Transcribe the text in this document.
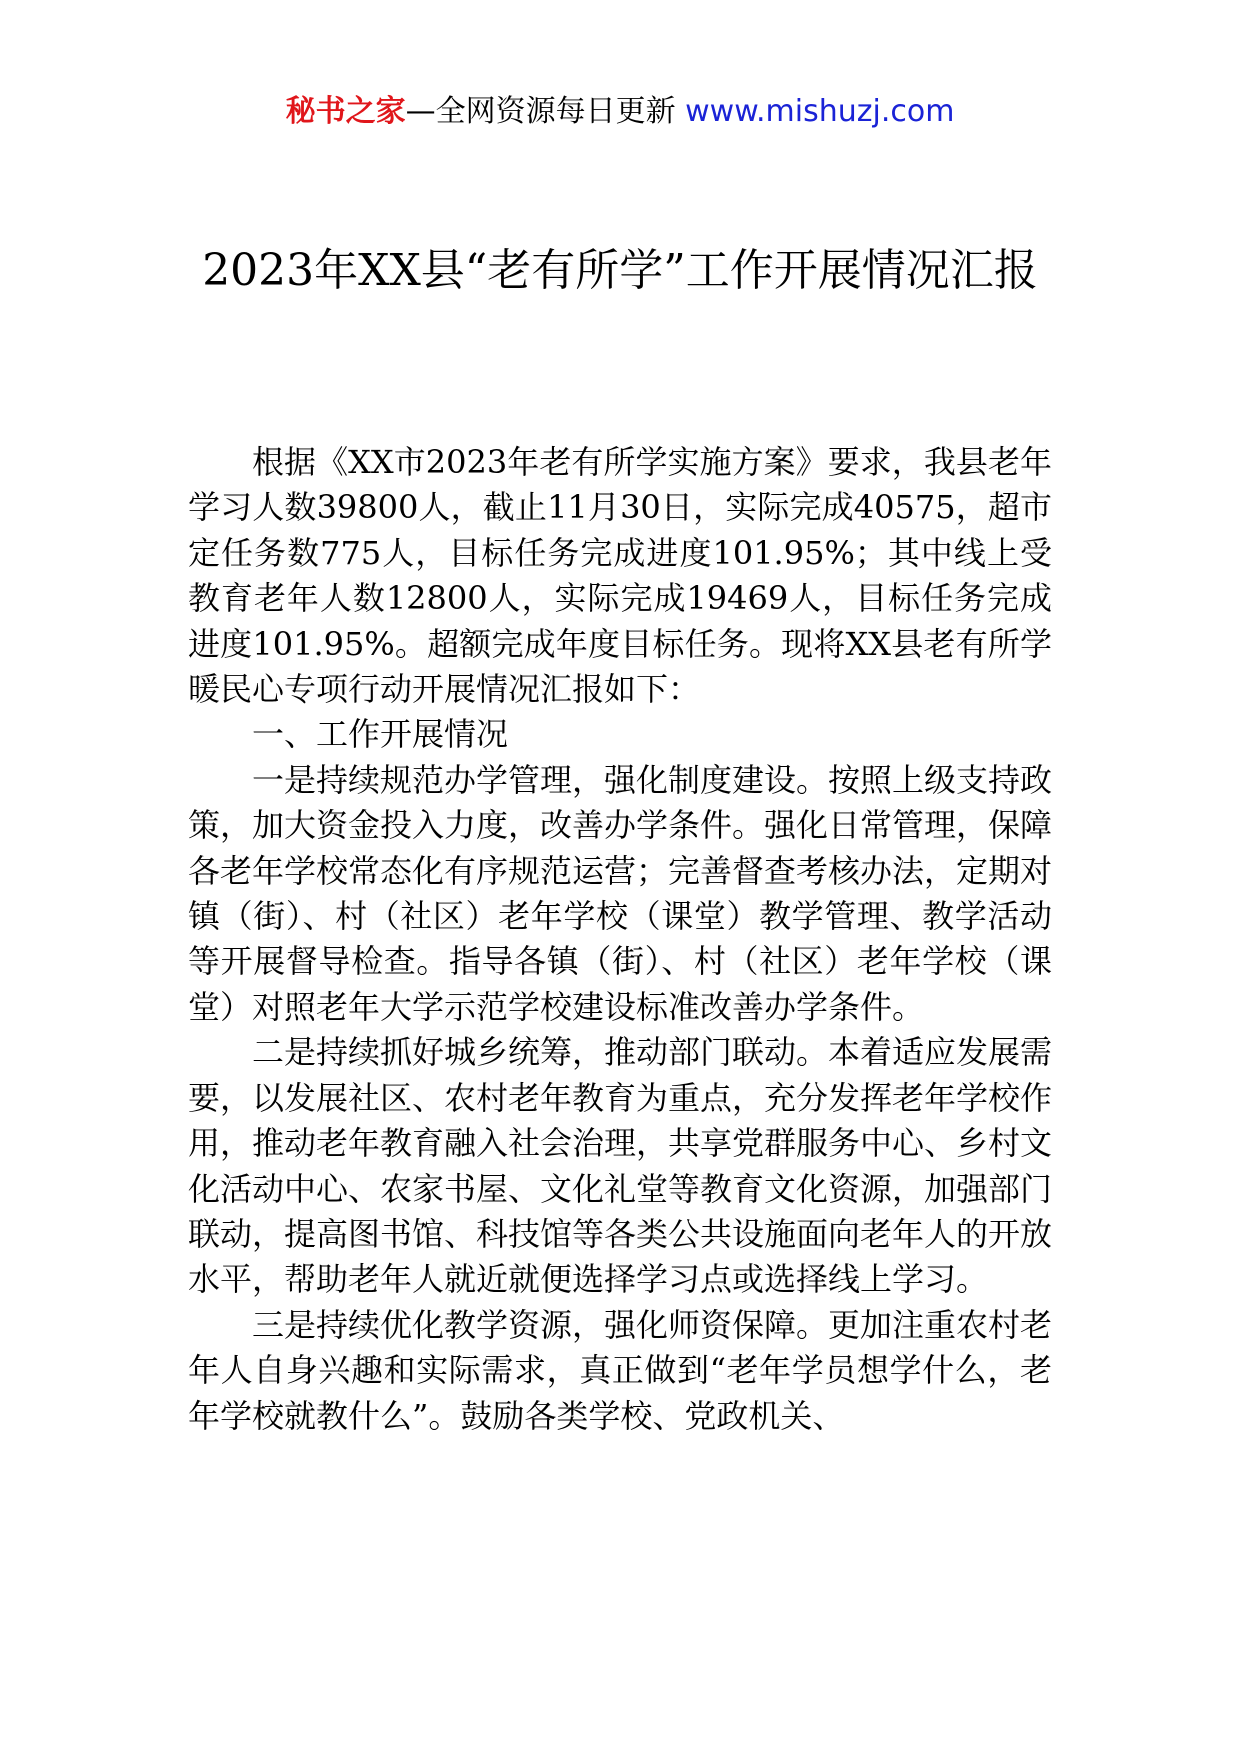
秘书之家—全网资源每日更新 www.mishuzj.com
2023年XX县“老有所学”工作开展情况汇报

根据《XX市2023年老有所学实施方案》要求，我县老年学习人数39800人，截止11月30日，实际完成40575，超市定任务数775人，目标任务完成进度101.95%；其中线上受教育老年人数12800人，实际完成19469人，目标任务完成进度101.95%。超额完成年度目标任务。现将XX县老有所学暖民心专项行动开展情况汇报如下：

一、工作开展情况

一是持续规范办学管理，强化制度建设。按照上级支持政策，加大资金投入力度，改善办学条件。强化日常管理，保障各老年学校常态化有序规范运营；完善督查考核办法，定期对镇（街）、村（社区）老年学校（课堂）教学管理、教学活动等开展督导检查。指导各镇（街）、村（社区）老年学校（课堂）对照老年大学示范学校建设标准改善办学条件。

二是持续抓好城乡统筹，推动部门联动。本着适应发展需要，以发展社区、农村老年教育为重点，充分发挥老年学校作用，推动老年教育融入社会治理，共享党群服务中心、乡村文化活动中心、农家书屋、文化礼堂等教育文化资源，加强部门联动，提高图书馆、科技馆等各类公共设施面向老年人的开放水平，帮助老年人就近就便选择学习点或选择线上学习。

三是持续优化教学资源，强化师资保障。更加注重农村老年人自身兴趣和实际需求，真正做到“老年学员想学什么，老年学校就教什么”。鼓励各类学校、党政机关、
